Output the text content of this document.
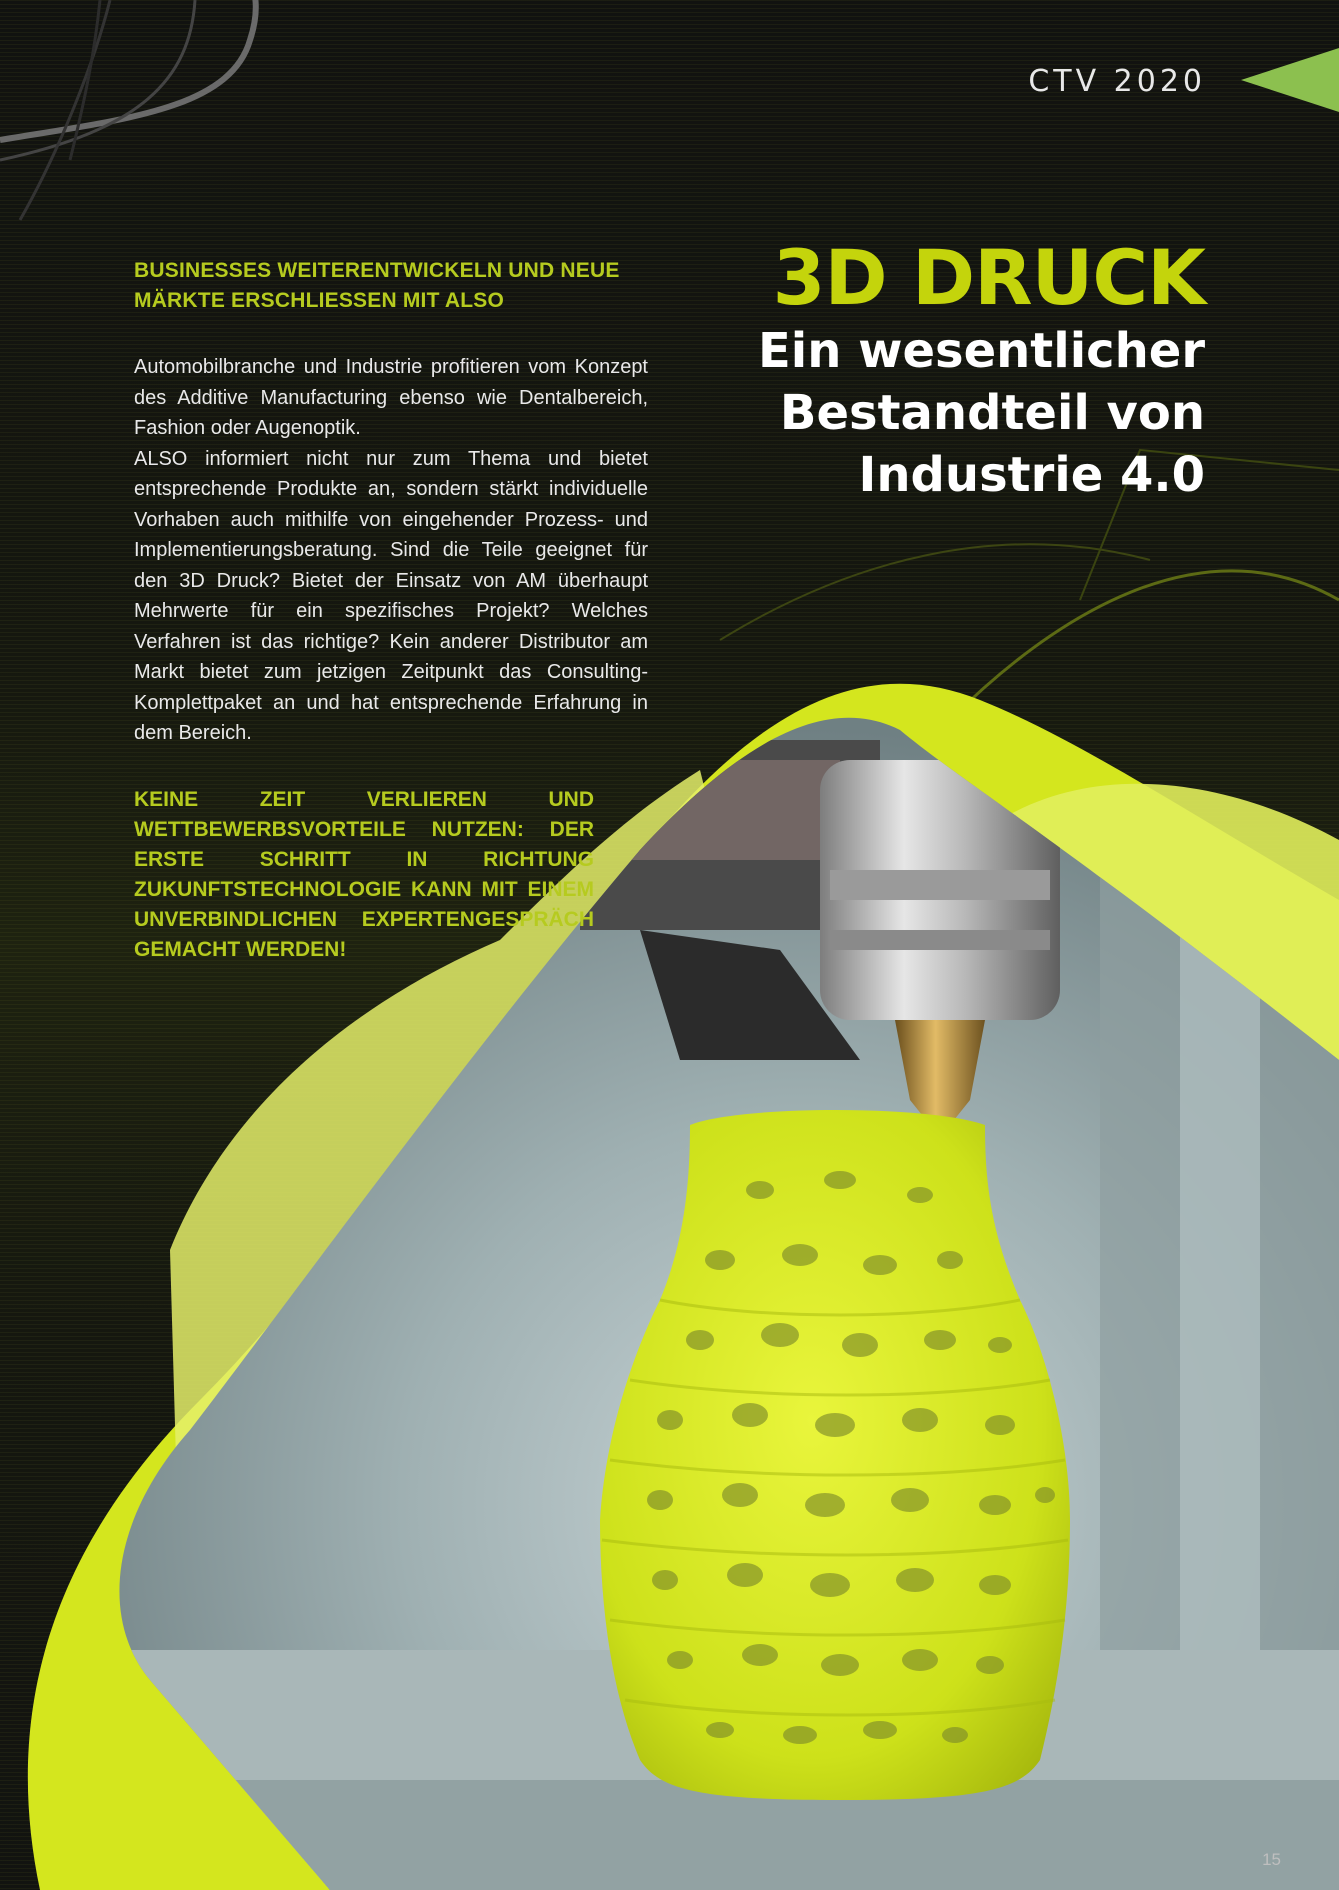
CTV 2020
BUSINESSES WEITERENTWICKELN UND NEUE MÄRKTE ERSCHLIESSEN MIT ALSO

Automobilbranche und Industrie profitieren vom Konzept des Additive Manufacturing ebenso wie Dentalbereich, Fashion oder Augenoptik.

ALSO informiert nicht nur zum Thema und bietet entsprechende Produkte an, sondern stärkt individuelle Vorhaben auch mithilfe von eingehender Prozess- und Implementierungsberatung. Sind die Teile geeignet für den 3D Druck? Bietet der Einsatz von AM überhaupt Mehrwerte für ein spezifisches Projekt? Welches Verfahren ist das richtige? Kein anderer Distributor am Markt bietet zum jetzigen Zeitpunkt das Consulting-Komplettpaket an und hat entsprechende Erfahrung in dem Bereich.

KEINE ZEIT VERLIEREN UND WETTBEWERBSVORTEILE NUTZEN: DER ERSTE SCHRITT IN RICHTUNG ZUKUNFTSTECHNOLOGIE KANN MIT EINEM UNVERBINDLICHEN EXPERTENGESPRÄCH GEMACHT WERDEN!
3D DRUCK
Ein wesentlicher
Bestandteil von
Industrie 4.0
15
